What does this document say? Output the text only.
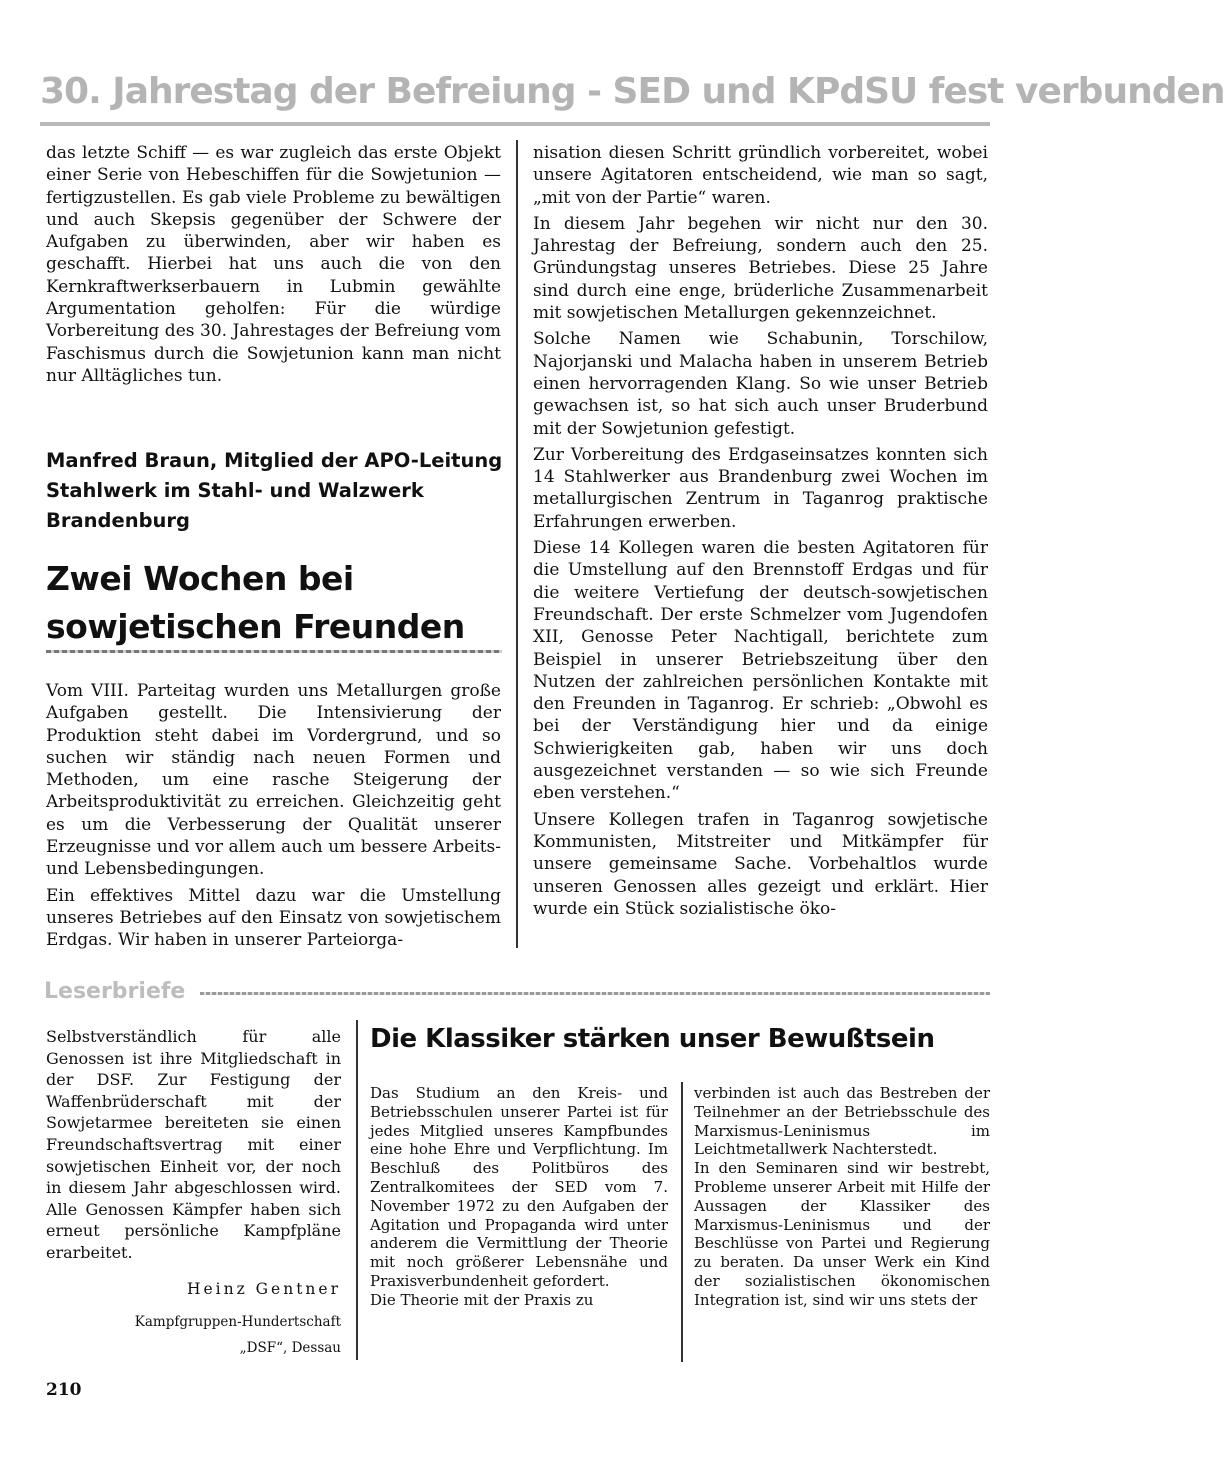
30. Jahrestag der Befreiung - SED und KPdSU fest verbunden

das letzte Schiff — es war zugleich das erste Objekt einer Serie von Hebeschiffen für die Sowjetunion — fertigzustellen. Es gab viele Probleme zu bewältigen und auch Skepsis gegenüber der Schwere der Aufgaben zu überwinden, aber wir haben es geschafft. Hierbei hat uns auch die von den Kernkraftwerkserbauern in Lubmin gewählte Argumentation geholfen: Für die würdige Vorbereitung des 30. Jahrestages der Befreiung vom Faschismus durch die Sowjetunion kann man nicht nur Alltägliches tun.

Manfred Braun, Mitglied der APO-Leitung Stahlwerk im Stahl- und Walzwerk Brandenburg
Zwei Wochen bei sowjetischen Freunden

Vom VIII. Parteitag wurden uns Metallurgen große Aufgaben gestellt. Die Intensivierung der Produktion steht dabei im Vordergrund, und so suchen wir ständig nach neuen Formen und Methoden, um eine rasche Steigerung der Arbeitsproduktivität zu erreichen. Gleichzeitig geht es um die Verbesserung der Qualität unserer Erzeugnisse und vor allem auch um bessere Arbeits- und Lebensbedingungen.

Ein effektives Mittel dazu war die Umstellung unseres Betriebes auf den Einsatz von sowjetischem Erdgas. Wir haben in unserer Parteiorga-

nisation diesen Schritt gründlich vorbereitet, wobei unsere Agitatoren entscheidend, wie man so sagt, „mit von der Partie“ waren.

In diesem Jahr begehen wir nicht nur den 30. Jahrestag der Befreiung, sondern auch den 25. Gründungstag unseres Betriebes. Diese 25 Jahre sind durch eine enge, brüderliche Zusammenarbeit mit sowjetischen Metallurgen gekennzeichnet.

Solche Namen wie Schabunin, Torschilow, Najorjanski und Malacha haben in unserem Betrieb einen hervorragenden Klang. So wie unser Betrieb gewachsen ist, so hat sich auch unser Bruderbund mit der Sowjetunion gefestigt.

Zur Vorbereitung des Erdgaseinsatzes konnten sich 14 Stahlwerker aus Brandenburg zwei Wochen im metallurgischen Zentrum in Taganrog praktische Erfahrungen erwerben.

Diese 14 Kollegen waren die besten Agitatoren für die Umstellung auf den Brennstoff Erdgas und für die weitere Vertiefung der deutsch-sowjetischen Freundschaft. Der erste Schmelzer vom Jugendofen XII, Genosse Peter Nachtigall, berichtete zum Beispiel in unserer Betriebszeitung über den Nutzen der zahlreichen persönlichen Kontakte mit den Freunden in Taganrog. Er schrieb: „Obwohl es bei der Verständigung hier und da einige Schwierigkeiten gab, haben wir uns doch ausgezeichnet verstanden — so wie sich Freunde eben verstehen.“

Unsere Kollegen trafen in Taganrog sowjetische Kommunisten, Mitstreiter und Mitkämpfer für unsere gemeinsame Sache. Vorbehaltlos wurde unseren Genossen alles gezeigt und erklärt. Hier wurde ein Stück sozialistische öko-

Leserbriefe
Selbstverständlich für alle Genossen ist ihre Mitgliedschaft in der DSF. Zur Festigung der Waffenbrüderschaft mit der Sowjetarmee bereiteten sie einen Freundschaftsvertrag mit einer sowjetischen Einheit vor, der noch in diesem Jahr abgeschlossen wird. Alle Genossen Kämpfer haben sich erneut persönliche Kampfpläne erarbeitet.
Heinz Gentner
Kampfgruppen-Hundertschaft
„DSF“, Dessau
Die Klassiker stärken unser Bewußtsein

Das Studium an den Kreis- und Betriebsschulen unserer Partei ist für jedes Mitglied unseres Kampfbundes eine hohe Ehre und Verpflichtung. Im Beschluß des Politbüros des Zentralkomitees der SED vom 7. November 1972 zu den Aufgaben der Agitation und Propaganda wird unter anderem die Vermittlung der Theorie mit noch größerer Lebensnähe und Praxisverbundenheit gefordert.

Die Theorie mit der Praxis zu

verbinden ist auch das Bestreben der Teilnehmer an der Betriebsschule des Marxismus-Leninismus im Leichtmetallwerk Nachterstedt.

In den Seminaren sind wir bestrebt, Probleme unserer Arbeit mit Hilfe der Aussagen der Klassiker des Marxismus-Leninismus und der Beschlüsse von Partei und Regierung zu beraten. Da unser Werk ein Kind der sozialistischen ökonomischen Integration ist, sind wir uns stets der

210
